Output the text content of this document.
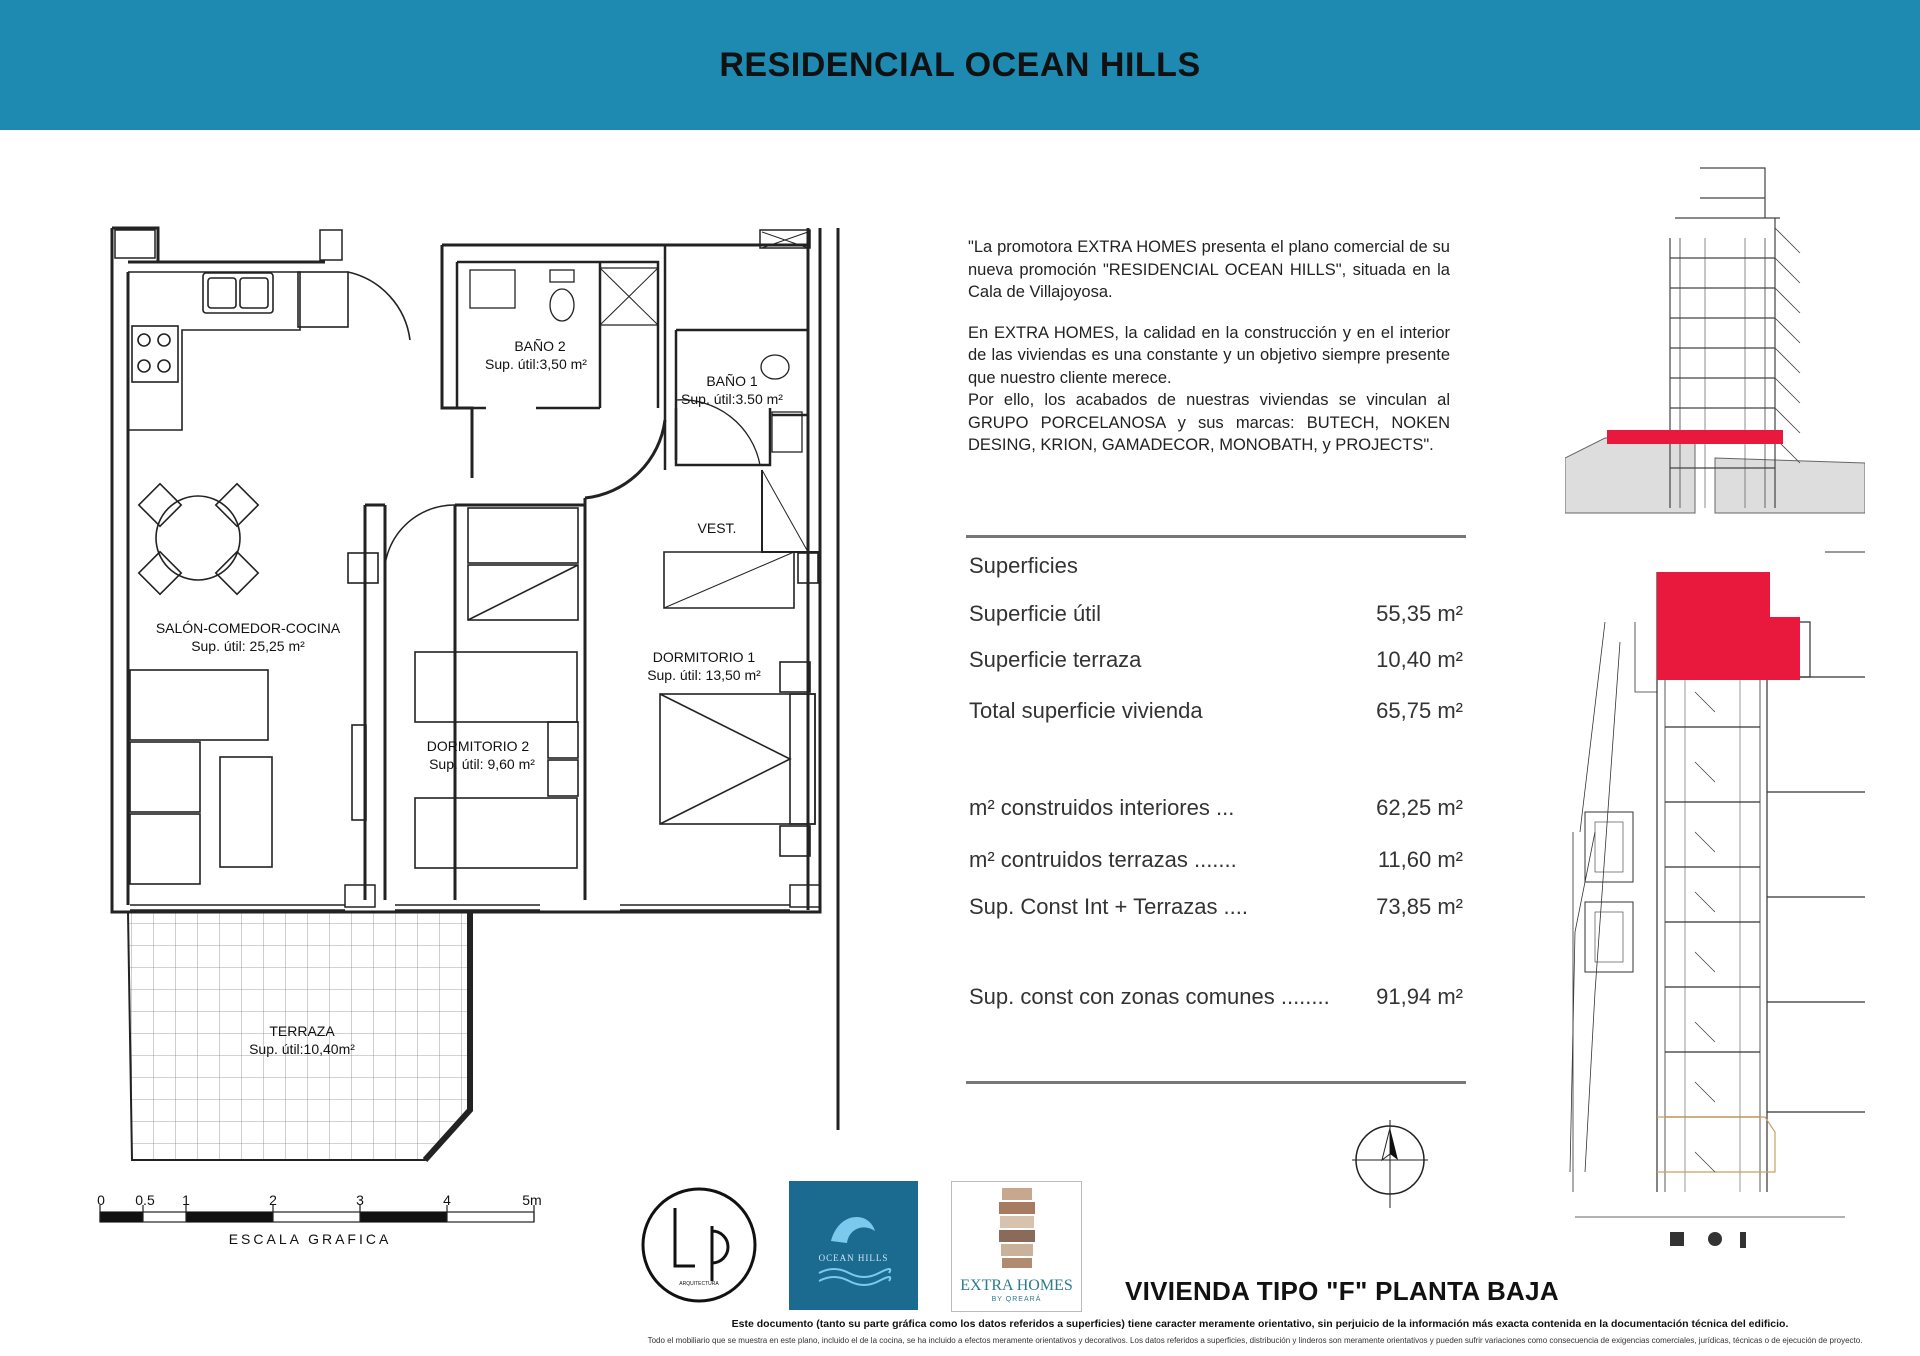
RESIDENCIAL OCEAN HILLS
BAÑO 2
Sup. útil:3,50 m²
BAÑO 1
Sup. útil:3.50 m²
VEST.
SALÓN-COMEDOR-COCINA
Sup. útil: 25,25 m²
DORMITORIO 1
Sup. útil: 13,50 m²
DORMITORIO 2
Sup. útil: 9,60 m²
TERRAZA
Sup. útil:10,40m²
0 0.5 1	2	3	4	5m
ESCALA GRAFICA

"La promotora EXTRA HOMES presenta el plano comercial de su nueva promoción "RESIDENCIAL OCEAN HILLS", situada en la Cala de Villajoyosa.

En EXTRA HOMES, la calidad en la construcción y en el interior de las viviendas es una constante y un objetivo siempre presente que nuestro cliente merece.

Por ello, los acabados de nuestras viviendas se vinculan al GRUPO PORCELANOSA y sus marcas: BUTECH, NOKEN DESING, KRION, GAMADECOR, MONOBATH, y PROJECTS".

Superficies
Superficie útil	55,35 m²
Superficie terraza	10,40 m²
Total superficie vivienda	65,75 m²
m² construidos interiores ...	62,25 m²
m² contruidos terrazas .......	11,60 m²
Sup. Const Int + Terrazas ....	73,85 m²
Sup. const con zonas comunes ........ 91,94 m²
ARQUITECTURA
OCEAN HILLS
EXTRA HOMES
BY QREARÁ	VIVIENDA TIPO "F" PLANTA BAJA
Este documento (tanto su parte gráfica como los datos referidos a superficies) tiene caracter meramente orientativo, sin perjuicio de la información más exacta contenida en la documentación técnica del edificio.
Todo el mobiliario que se muestra en este plano, incluido el de la cocina, se ha incluido a efectos meramente orientativos y decorativos. Los datos referidos a superficies, distribución y linderos son meramente orientativos y pueden sufrir variaciones como consecuencia de exigencias comerciales, jurídicas, técnicas o de ejecución de proyecto.
